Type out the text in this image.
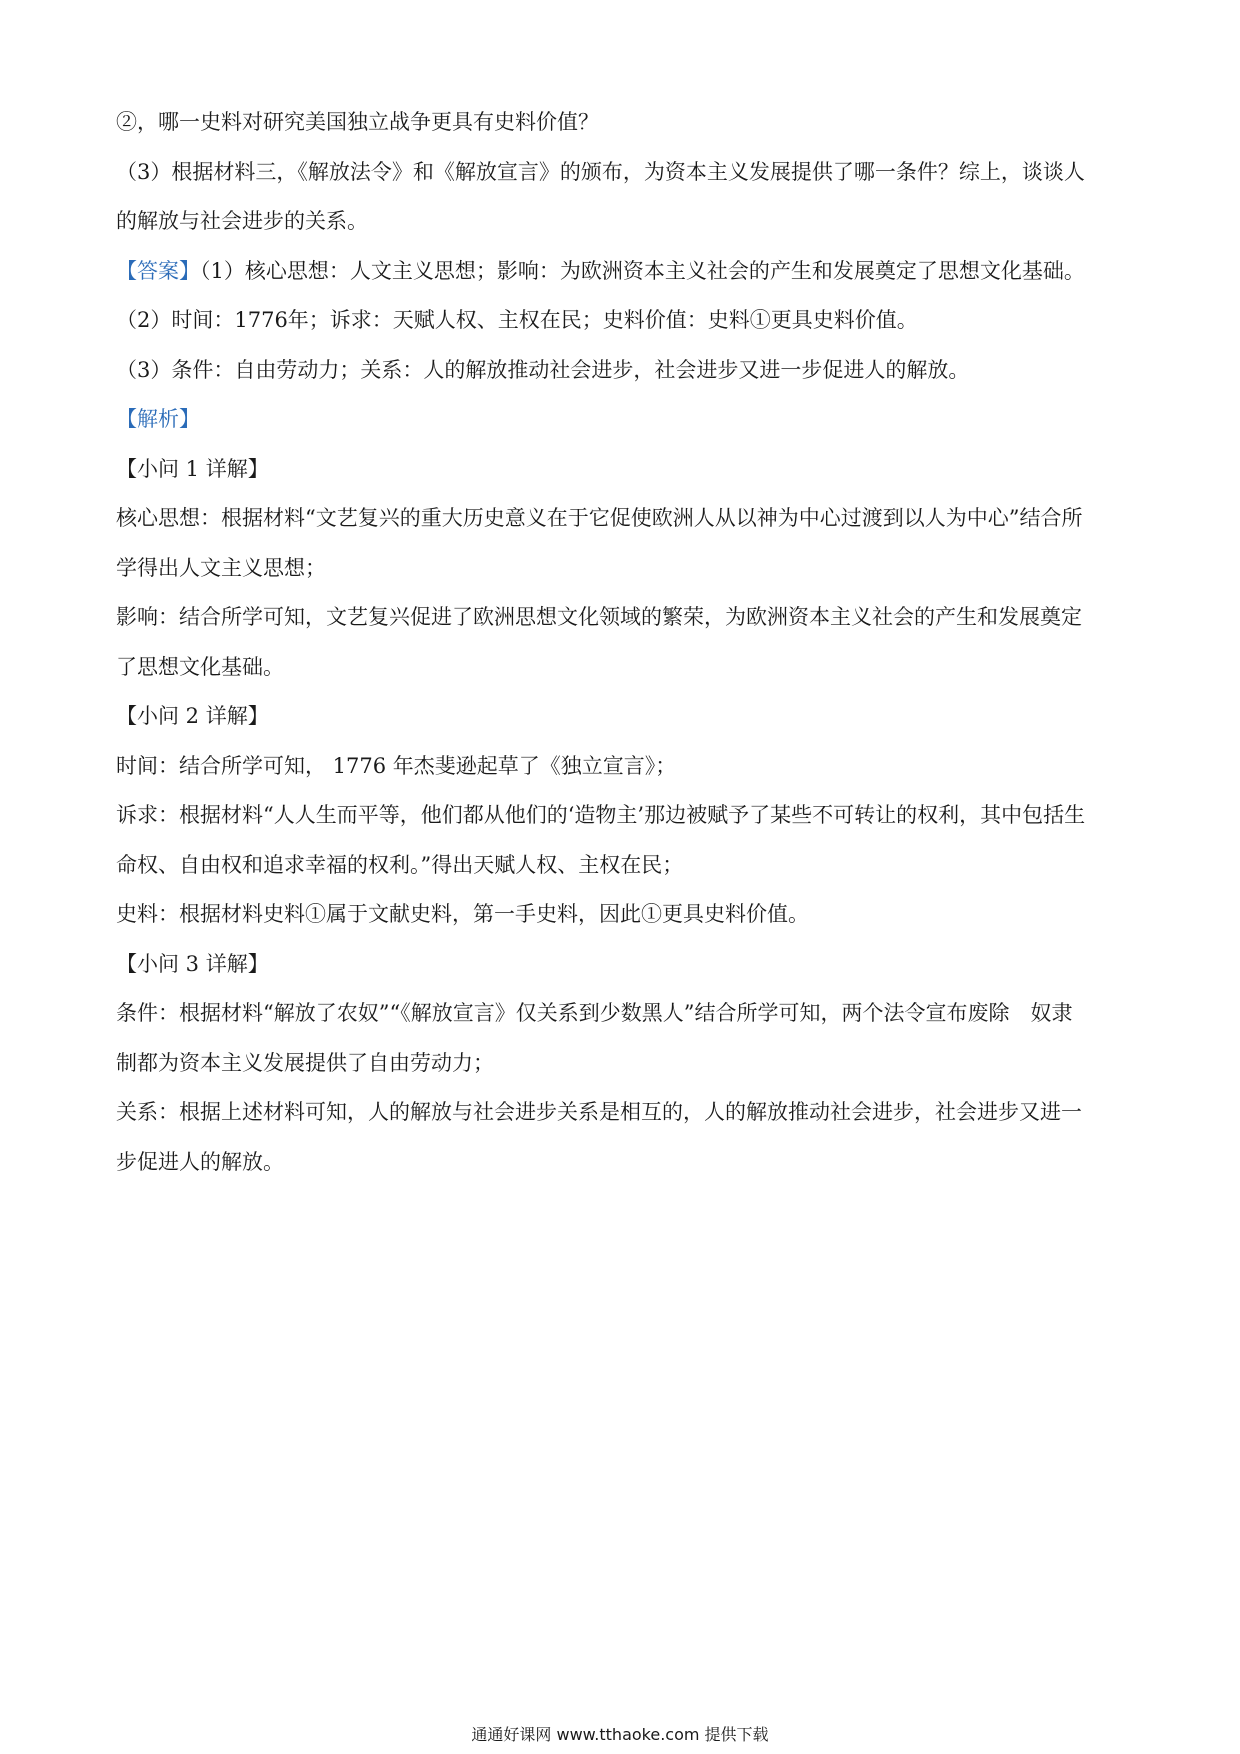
②，哪一史料对研究美国独立战争更具有史料价值？
（3）根据材料三，《解放法令》和《解放宣言》的颁布，为资本主义发展提供了哪一条件？综上，谈谈人
的解放与社会进步的关系。
【答案】（1）核心思想：人文主义思想；影响：为欧洲资本主义社会的产生和发展奠定了思想文化基础。
（2）时间：1776年；诉求：天赋人权、主权在民；史料价值：史料①更具史料价值。
（3）条件：自由劳动力；关系：人的解放推动社会进步，社会进步又进一步促进人的解放。
【解析】
【小问 1 详解】
核心思想：根据材料“文艺复兴的重大历史意义在于它促使欧洲人从以神为中心过渡到以人为中心”结合所
学得出人文主义思想；
影响：结合所学可知，文艺复兴促进了欧洲思想文化领域的繁荣，为欧洲资本主义社会的产生和发展奠定
了思想文化基础。
【小问 2 详解】
时间：结合所学可知， 1776 年杰斐逊起草了《独立宣言》；
诉求：根据材料“人人生而平等，他们都从他们的‘造物主’那边被赋予了某些不可转让的权利，其中包括生
命权、自由权和追求幸福的权利。”得出天赋人权、主权在民；
史料：根据材料史料①属于文献史料，第一手史料，因此①更具史料价值。
【小问 3 详解】
条件：根据材料“解放了农奴”“《解放宣言》仅关系到少数黑人”结合所学可知，两个法令宣布废除　奴隶
制都为资本主义发展提供了自由劳动力；
关系：根据上述材料可知，人的解放与社会进步关系是相互的，人的解放推动社会进步，社会进步又进一
步促进人的解放。
通通好课网 www.tthaoke.com 提供下载
